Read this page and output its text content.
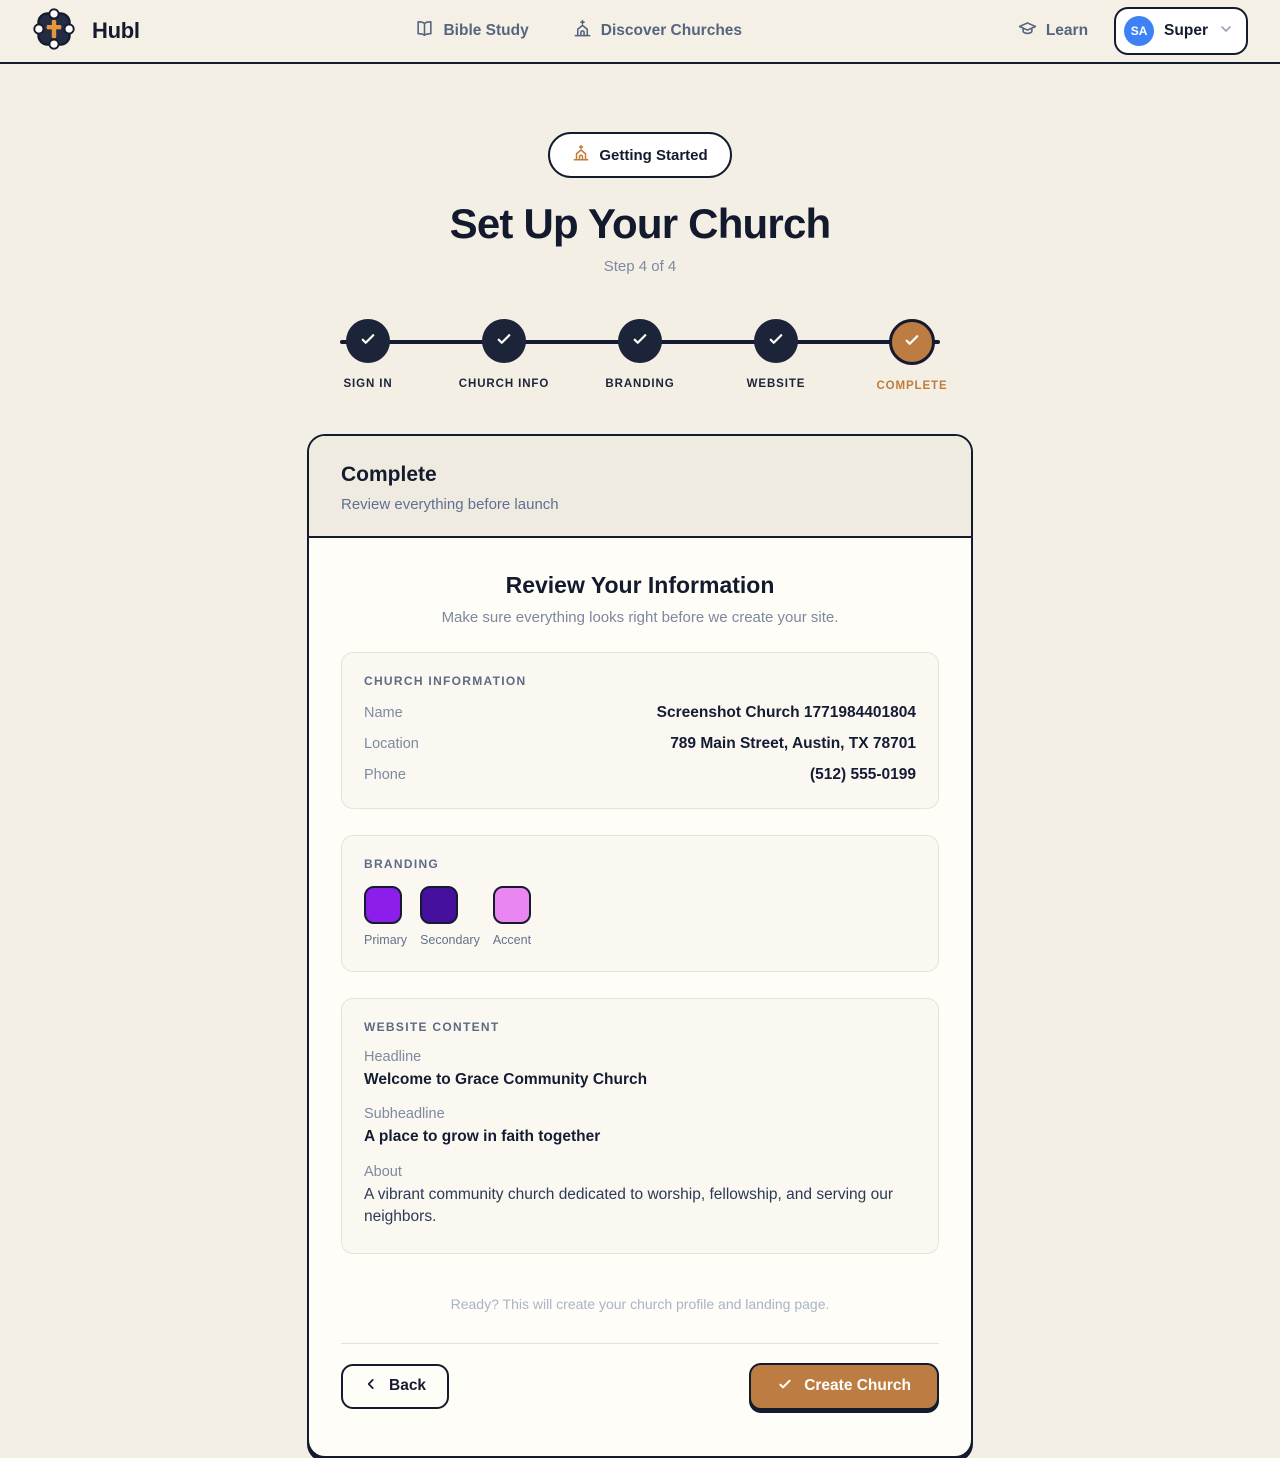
Hubl	Bible Study	Discover Churches	Learn	SA	Super
Getting Started
Set Up Your Church
Step 4 of 4
SIGN IN	CHURCH INFO	BRANDING	WEBSITE	COMPLETE
Complete
Review everything before launch
Review Your Information
Make sure everything looks right before we create your site.
CHURCH INFORMATION
Name	Screenshot Church 1771984401804
Location	789 Main Street, Austin, TX 78701
Phone	(512) 555-0199
BRANDING
Primary Secondary Accent
WEBSITE CONTENT
Headline
Welcome to Grace Community Church
Subheadline
A place to grow in faith together
About
A vibrant community church dedicated to worship, fellowship, and serving our neighbors.
Ready? This will create your church profile and landing page.
Back	Create Church
